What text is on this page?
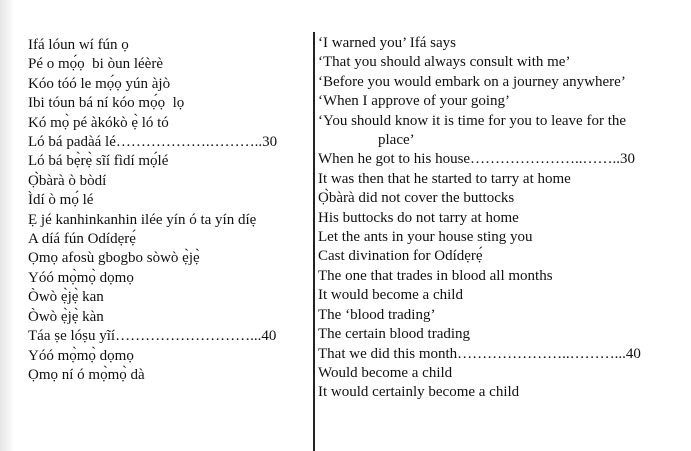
Ifá lóun wí fún ọ
Pé o mọ́ọ  bi òun léèrè
Kóo tóó le mọ́ọ yún àjò
Ibi tóun bá ní kóo mọ́ọ  lọ
Kó mọ̀ pé àkókò ẹ̀ ló tó
Ló bá padàá lé……………….………..30
Ló bá bẹ̀rẹ̀ sĩí fìdí mọ́lé
Ọ̀bàrà ò bòdí
Ìdí ò mọ́ lé
Ẹ jé kanhinkanhin ilée yín ó ta yín díẹ
A díá fún Odídẹrẹ́
Ọmọ afosù gbogbo sòwò ẹ̀jẹ̀
Yóó mọ̀mọ̀ dọmọ
Òwò ẹ̀jẹ̀ kan
Òwò ẹ̀jẹ̀ kàn
Táa ṣe lóṣu yĩí………………………...40
Yóó mọ̀mọ̀ dọmọ
Ọmọ ní ó mọ̀mọ̀ dà
‘I warned you’ Ifá says
‘That you should always consult with me’
‘Before you would embark on a journey anywhere’
‘When I approve of your going’
‘You should know it is time for you to leave for the
place’
When he got to his house…………………..……..30
It was then that he started to tarry at home
Ọ̀bàrà did not cover the buttocks
His buttocks do not tarry at home
Let the ants in your house sting you
Cast divination for Odídẹrẹ́
The one that trades in blood all months
It would become a child
The ‘blood trading’
The certain blood trading
That we did this month…………………..………...40
Would become a child
It would certainly become a child
